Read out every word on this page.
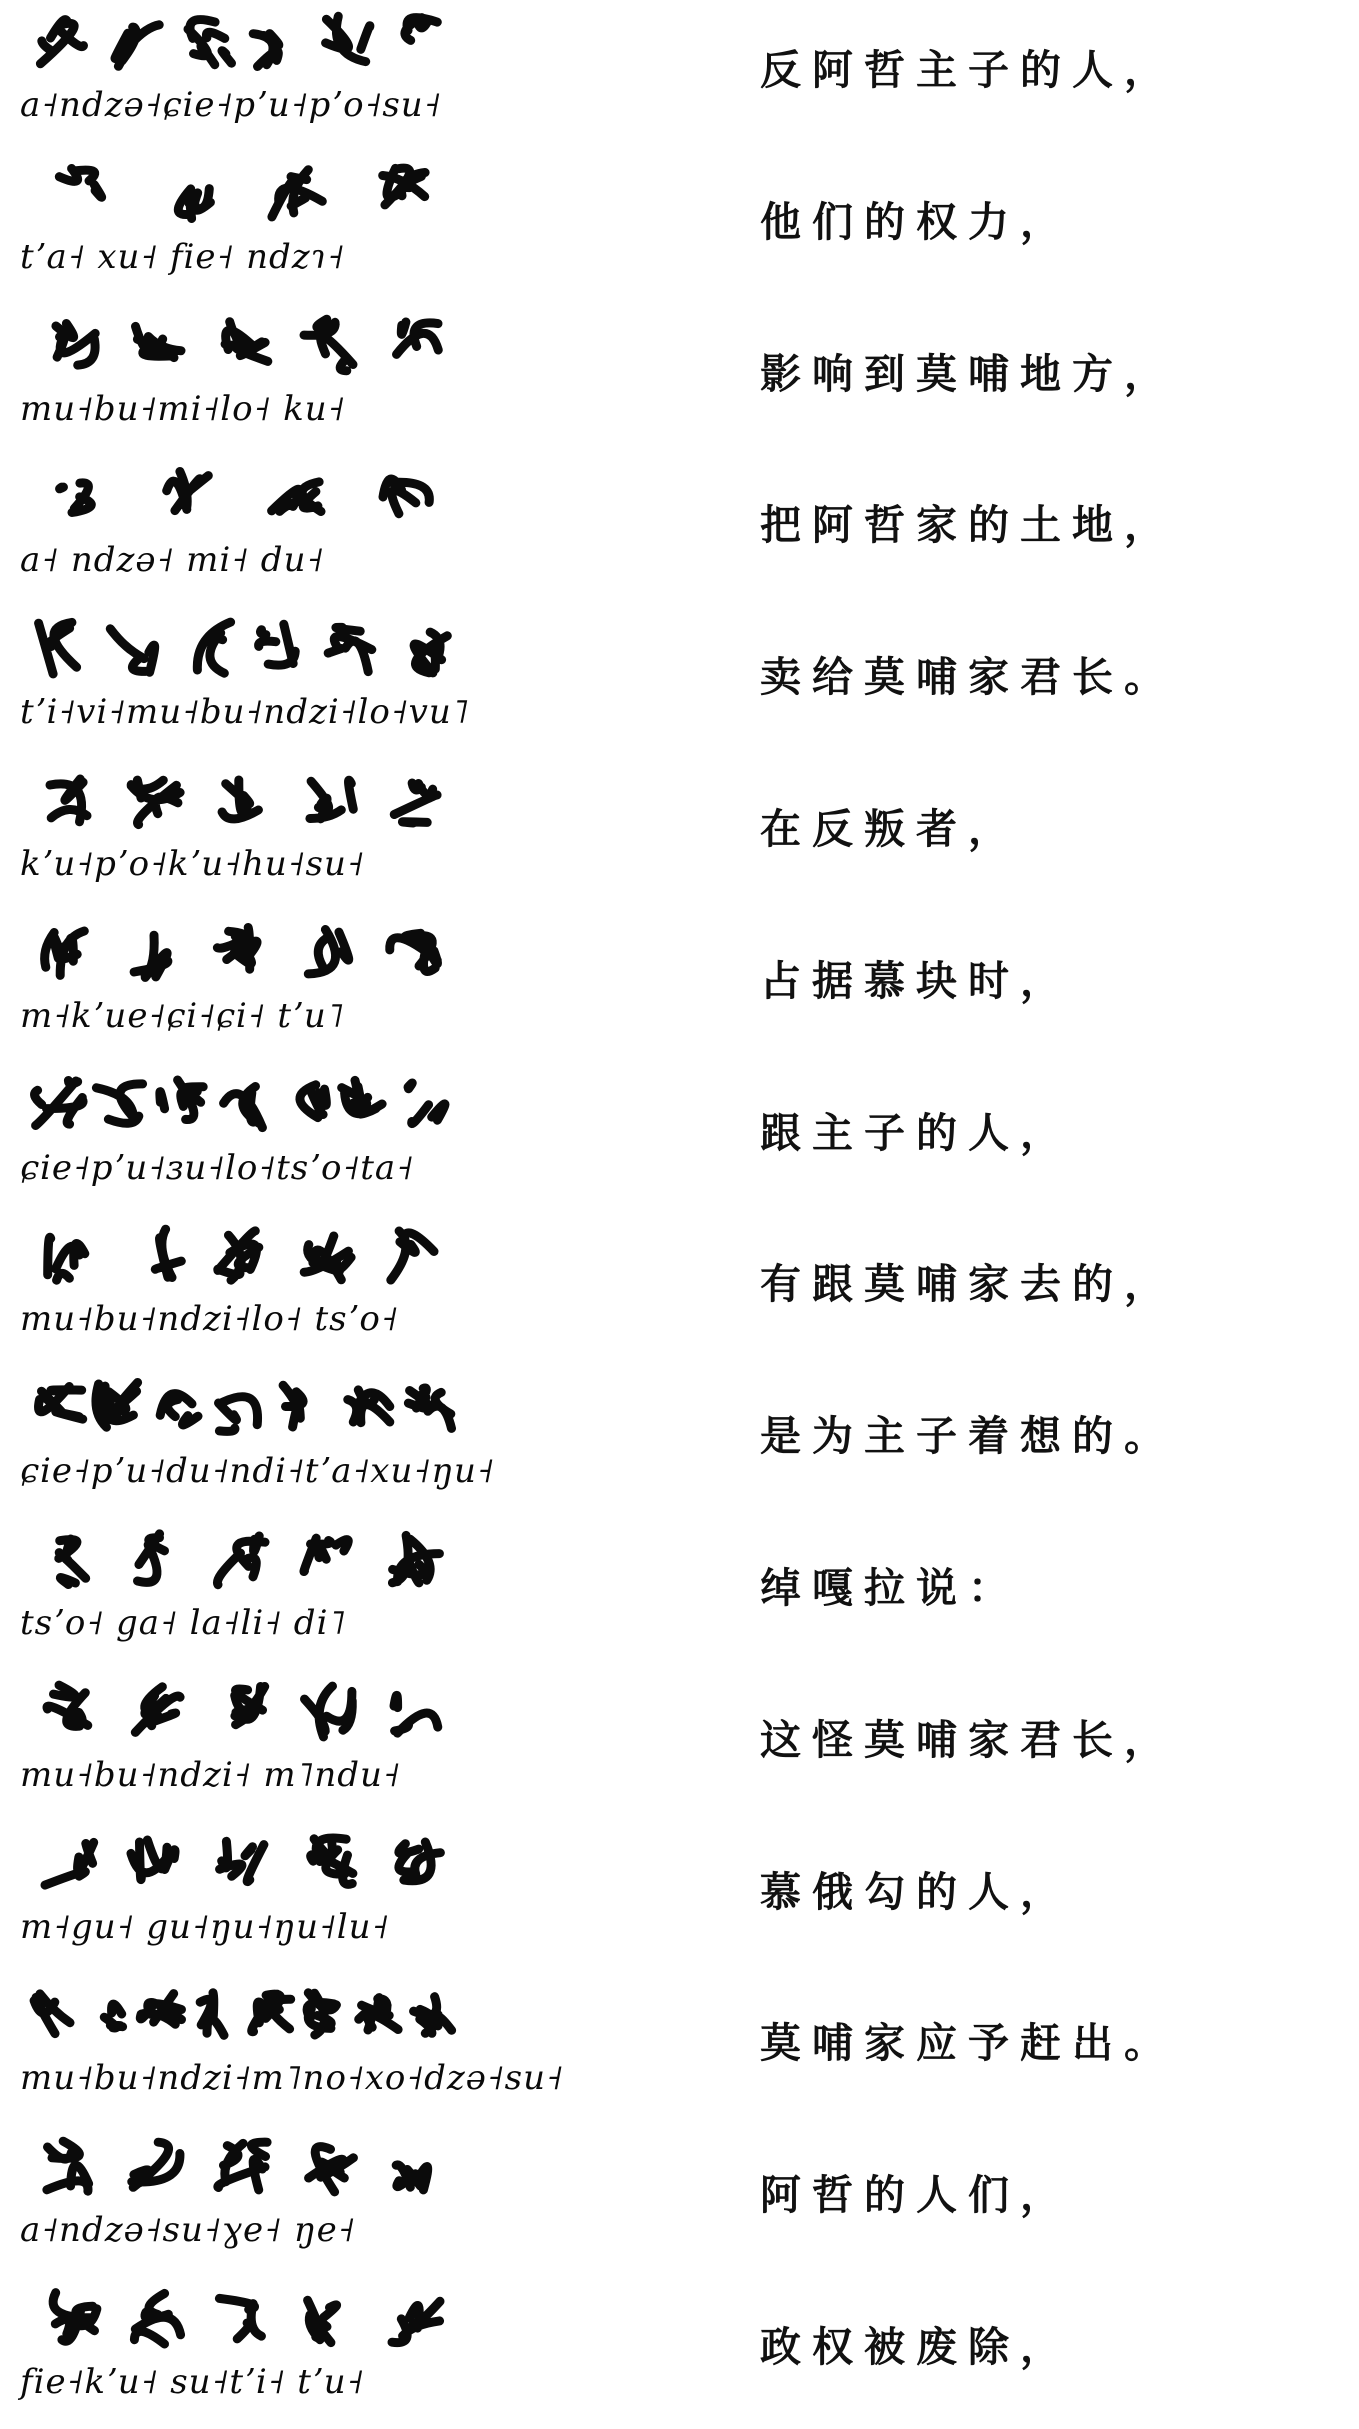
a˧ndzə˧ɕie˧pʼu˧pʼo˧su˧
反阿哲主子的人，
tʼa˧ xu˧ fie˧ ndzɿ˧
他们的权力，
mu˧bu˧mi˧lo˧ ku˧
影响到莫哺地方，
a˧ ndzə˧ mi˧ du˧
把阿哲家的土地，
tʼi˧vi˧mu˧bu˧ndzi˧lo˧vu˥
卖给莫哺家君长。
kʼu˧pʼo˧kʼu˧hu˧su˧
在反叛者，
m˧kʼue˧ɕi˧ɕi˧ tʼu˥
占据慕块时，
ɕie˧pʼu˧ɜu˧lo˧tsʼo˧ta˧
跟主子的人，
mu˧bu˧ndzi˧lo˧ tsʼo˧
有跟莫哺家去的，
ɕie˧pʼu˧du˧ndi˧tʼa˧xu˧ŋu˧
是为主子着想的。
tsʼo˧ ga˧ la˧li˧ di˥
绰嘎拉说：
mu˧bu˧ndzi˧ m˥ndu˧
这怪莫哺家君长，
m˧gu˧ gu˧ŋu˧ŋu˧lu˧
慕俄勾的人，
mu˧bu˧ndzi˧m˥no˧xo˧dzə˧su˧
莫哺家应予赶出。
a˧ndzə˧su˧ɣe˧ ŋe˧
阿哲的人们，
fie˧kʼu˧ su˧tʼi˧ tʼu˧
政权被废除，
